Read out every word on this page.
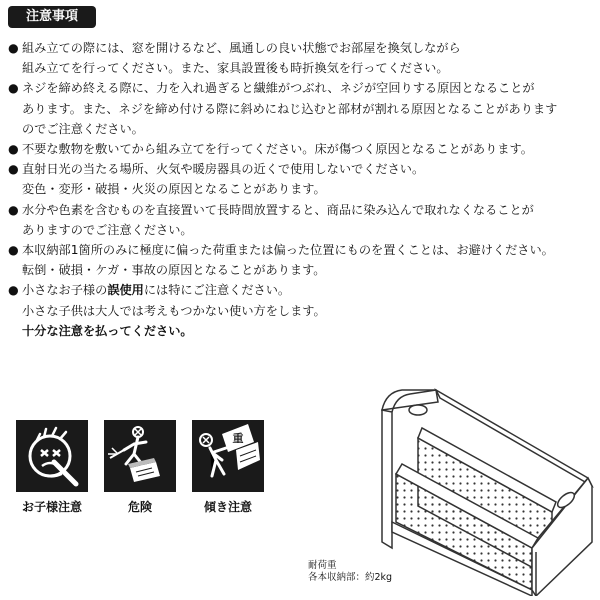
注意事項
● 組み立ての際には、窓を開けるなど、風通しの良い状態でお部屋を換気しながら
組み立てを行ってください。また、家具設置後も時折換気を行ってください。
● ネジを締め終える際に、力を入れ過ぎると繊維がつぶれ、ネジが空回りする原因となることが
あります。また、ネジを締め付ける際に斜めにねじ込むと部材が割れる原因となることがあります
のでご注意ください。
● 不要な敷物を敷いてから組み立てを行ってください。床が傷つく原因となることがあります。
● 直射日光の当たる場所、火気や暖房器具の近くで使用しないでください。
変色・変形・破損・火災の原因となることがあります。
● 水分や色素を含むものを直接置いて長時間放置すると、商品に染み込んで取れなくなることが
ありますのでご注意ください。
● 本収納部1箇所のみに極度に偏った荷重または偏った位置にものを置くことは、お避けください。
転倒・破損・ケガ・事故の原因となることがあります。
● 小さなお子様の誤使用には特にご注意ください。
小さな子供は大人では考えもつかない使い方をします。
十分な注意を払ってください。
お子様注意	危険
重
傾き注意
耐荷重
各本収納部：約2kg
